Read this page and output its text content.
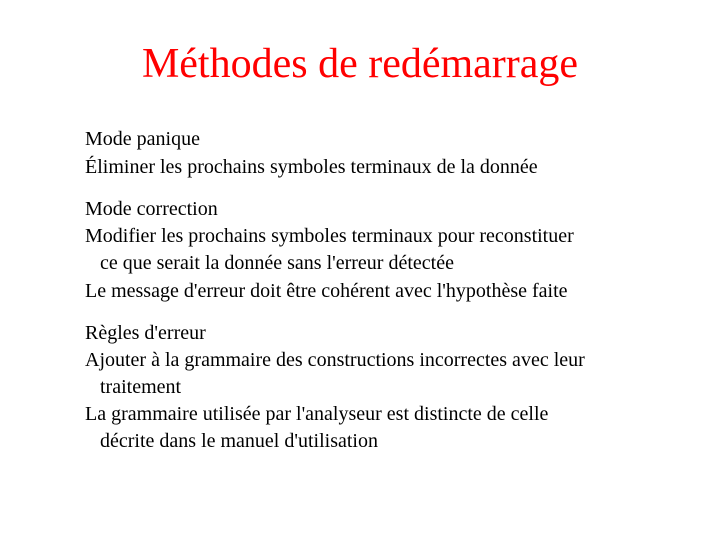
Méthodes de redémarrage
Mode panique
Éliminer les prochains symboles terminaux de la donnée
Mode correction
Modifier les prochains symboles terminaux pour reconstituer
ce que serait la donnée sans l'erreur détectée
Le message d'erreur doit être cohérent avec l'hypothèse faite
Règles d'erreur
Ajouter à la grammaire des constructions incorrectes avec leur
traitement
La grammaire utilisée par l'analyseur est distincte de celle
décrite dans le manuel d'utilisation
